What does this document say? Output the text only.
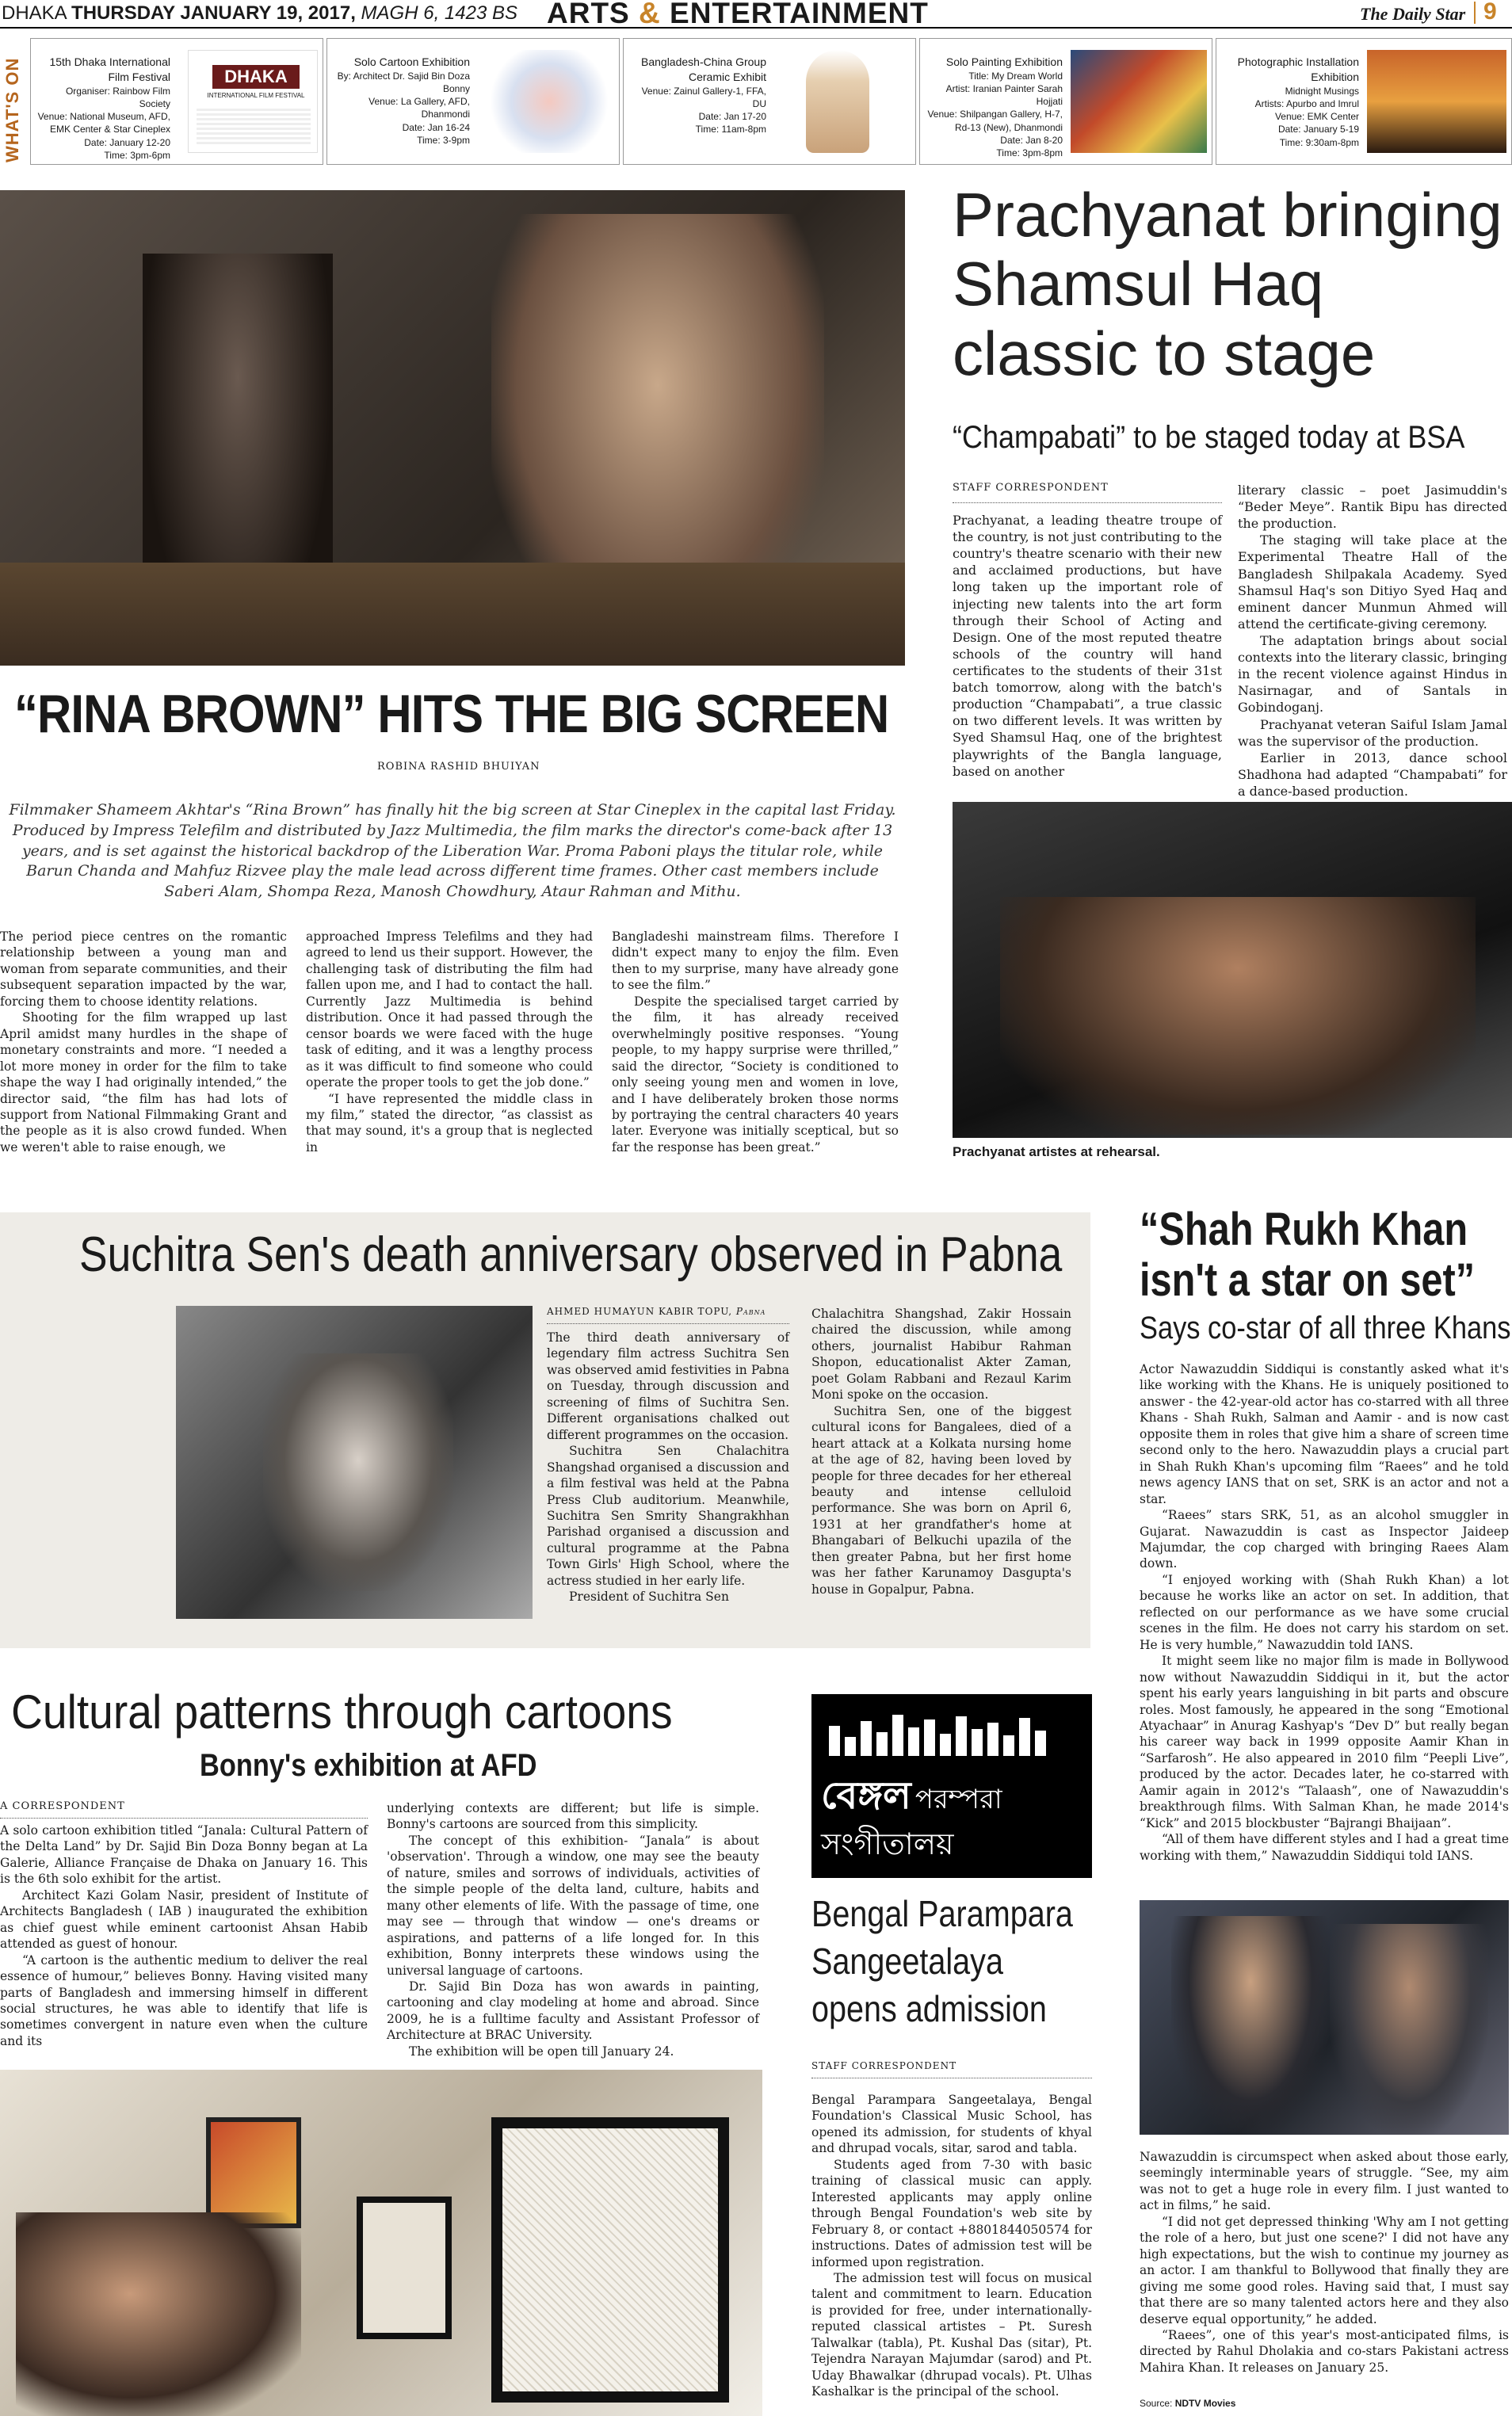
DHAKA THURSDAY JANUARY 19, 2017, MAGH 6, 1423 BS ARTS & ENTERTAINMENT	The Daily Star 9
WHAT'S ON	15th Dhaka International Film Festival
Organiser: Rainbow Film Society
Venue: National Museum, AFD,
EMK Center & Star Cineplex
Date: January 12-20
Time: 3pm-6pm
DHAKA
INTERNATIONAL FILM FESTIVAL
Solo Cartoon Exhibition
By: Architect Dr. Sajid Bin Doza
Bonny
Venue: La Gallery, AFD, Dhanmondi
Date: Jan 16-24
Time: 3-9pm
Bangladesh-China Group Ceramic Exhibit
Venue: Zainul Gallery-1, FFA, DU
Date: Jan 17-20
Time: 11am-8pm
Solo Painting Exhibition
Title: My Dream World
Artist: Iranian Painter Sarah Hojjati
Venue: Shilpangan Gallery, H-7,
Rd-13 (New), Dhanmondi
Date: Jan 8-20
Time: 3pm-8pm
Photographic Installation Exhibition
Midnight Musings
Artists: Apurbo and Imrul
Venue: EMK Center
Date: January 5-19
Time: 9:30am-8pm
“RINA BROWN” HITS THE BIG SCREEN
ROBINA RASHID BHUIYAN
Filmmaker Shameem Akhtar's “Rina Brown” has finally hit the big screen at Star Cineplex in the capital last Friday. Produced by Impress Telefilm and distributed by Jazz Multimedia, the film marks the director's come-back after 13 years, and is set against the historical backdrop of the Liberation War. Proma Paboni plays the titular role, while Barun Chanda and Mahfuz Rizvee play the male lead across different time frames. Other cast members include Saberi Alam, Shompa Reza, Manosh Chowdhury, Ataur Rahman and Mithu.

The period piece centres on the romantic relationship between a young man and woman from separate communities, and their subsequent separation impacted by the war, forcing them to choose identity relations.

Shooting for the film wrapped up last April amidst many hurdles in the shape of monetary constraints and more. “I needed a lot more money in order for the film to take shape the way I had originally intended,” the director said, “the film has had lots of support from National Filmmaking Grant and the people as it is also crowd funded. When we weren't able to raise enough, we

approached Impress Telefilms and they had agreed to lend us their support. However, the challenging task of distributing the film had fallen upon me, and I had to contact the hall. Currently Jazz Multimedia is behind distribution. Once it had passed through the censor boards we were faced with the huge task of editing, and it was a lengthy process as it was difficult to find someone who could operate the proper tools to get the job done.”

“I have represented the middle class in my film,” stated the director, “as classist as that may sound, it's a group that is neglected in

Bangladeshi mainstream films. Therefore I didn't expect many to enjoy the film. Even then to my surprise, many have already gone to see the film.”

Despite the specialised target carried by the film, it has already received overwhelmingly positive responses. “Young people, to my happy surprise were thrilled,” said the director, “Society is conditioned to only seeing young men and women in love, and I have deliberately broken those norms by portraying the central characters 40 years later. Everyone was initially sceptical, but so far the response has been great.”

Prachyanat bringing
Shamsul Haq
classic to stage
“Champabati” to be staged today at BSA
STAFF CORRESPONDENT

Prachyanat, a leading theatre troupe of the country, is not just contributing to the country's theatre scenario with their new and acclaimed productions, but have long taken up the important role of injecting new talents into the art form through their School of Acting and Design. One of the most reputed theatre schools of the country will hand certificates to the students of their 31st batch tomorrow, along with the batch's production “Champabati”, a true classic on two different levels. It was written by Syed Shamsul Haq, one of the brightest playwrights of the Bangla language, based on another

literary classic – poet Jasimuddin's “Beder Meye”. Rantik Bipu has directed the production.

The staging will take place at the Experimental Theatre Hall of the Bangladesh Shilpakala Academy. Syed Shamsul Haq's son Ditiyo Syed Haq and eminent dancer Munmun Ahmed will attend the certificate-giving ceremony.

The adaptation brings about social contexts into the literary classic, bringing in the recent violence against Hindus in Nasirnagar, and of Santals in Gobindoganj.

Prachyanat veteran Saiful Islam Jamal was the supervisor of the production.

Earlier in 2013, dance school Shadhona had adapted “Champabati” for a dance-based production.

Prachyanat artistes at rehearsal.
Suchitra Sen's death anniversary observed in Pabna
AHMED HUMAYUN KABIR TOPU, Pabna

The third death anniversary of legendary film actress Suchitra Sen was observed amid festivities in Pabna on Tuesday, through discussion and screening of films of Suchitra Sen. Different organisations chalked out different programmes on the occasion.

Suchitra Sen Chalachitra Shangshad organised a discussion and a film festival was held at the Pabna Press Club auditorium. Meanwhile, Suchitra Sen Smrity Shangrakhhan Parishad organised a discussion and cultural programme at the Pabna Town Girls' High School, where the actress studied in her early life.

President of Suchitra Sen

Chalachitra Shangshad, Zakir Hossain chaired the discussion, while among others, journalist Habibur Rahman Shopon, educationalist Akter Zaman, poet Golam Rabbani and Rezaul Karim Moni spoke on the occasion.

Suchitra Sen, one of the biggest cultural icons for Bangalees, died of a heart attack at a Kolkata nursing home at the age of 82, having been loved by people for three decades for her ethereal beauty and intense celluloid performance. She was born on April 6, 1931 at her grandfather's home at Bhangabari of Belkuchi upazila of the then greater Pabna, but her first home was her father Karunamoy Dasgupta's house in Gopalpur, Pabna.

“Shah Rukh Khan
isn't a star on set”
Says co-star of all three Khans

Actor Nawazuddin Siddiqui is constantly asked what it's like working with the Khans. He is uniquely positioned to answer - the 42-year-old actor has co-starred with all three Khans - Shah Rukh, Salman and Aamir - and is now cast opposite them in roles that give him a share of screen time second only to the hero. Nawazuddin plays a crucial part in Shah Rukh Khan's upcoming film “Raees” and he told news agency IANS that on set, SRK is an actor and not a star.

“Raees” stars SRK, 51, as an alcohol smuggler in Gujarat. Nawazuddin is cast as Inspector Jaideep Majumdar, the cop charged with bringing Raees Alam down.

“I enjoyed working with (Shah Rukh Khan) a lot because he works like an actor on set. In addition, that reflected on our performance as we have some crucial scenes in the film. He does not carry his stardom on set. He is very humble,” Nawazuddin told IANS.

It might seem like no major film is made in Bollywood now without Nawazuddin Siddiqui in it, but the actor spent his early years languishing in bit parts and obscure roles. Most famously, he appeared in the song “Emotional Atyachaar” in Anurag Kashyap's “Dev D” but really began his career way back in 1999 opposite Aamir Khan in “Sarfarosh”. He also appeared in 2010 film “Peepli Live”, produced by the actor. Decades later, he co-starred with Aamir again in 2012's “Talaash”, one of Nawazuddin's breakthrough films. With Salman Khan, he made 2014's “Kick” and 2015 blockbuster “Bajrangi Bhaijaan”.

“All of them have different styles and I had a great time working with them,” Nawazuddin Siddiqui told IANS.

Nawazuddin is circumspect when asked about those early, seemingly interminable years of struggle. “See, my aim was not to get a huge role in every film. I just wanted to act in films,” he said.

“I did not get depressed thinking 'Why am I not getting the role of a hero, but just one scene?' I did not have any high expectations, but the wish to continue my journey as an actor. I am thankful to Bollywood that finally they are giving me some good roles. Having said that, I must say that there are so many talented actors here and they also deserve equal opportunity,” he added.

“Raees”, one of this year's most-anticipated films, is directed by Rahul Dholakia and co-stars Pakistani actress Mahira Khan. It releases on January 25.

Source: NDTV Movies
Cultural patterns through cartoons
Bonny's exhibition at AFD
A CORRESPONDENT

A solo cartoon exhibition titled “Janala: Cultural Pattern of the Delta Land” by Dr. Sajid Bin Doza Bonny began at La Galerie, Alliance Française de Dhaka on January 16. This is the 6th solo exhibit for the artist.

Architect Kazi Golam Nasir, president of Institute of Architects Bangladesh ( IAB ) inaugurated the exhibition as chief guest while eminent cartoonist Ahsan Habib attended as guest of honour.

“A cartoon is the authentic medium to deliver the real essence of humour,” believes Bonny. Having visited many parts of Bangladesh and immersing himself in different social structures, he was able to identify that life is sometimes convergent in nature even when the culture and its

underlying contexts are different; but life is simple. Bonny's cartoons are sourced from this simplicity.

The concept of this exhibition- “Janala” is about 'observation'. Through a window, one may see the beauty of nature, smiles and sorrows of individuals, activities of the simple people of the delta land, culture, habits and many other elements of life. With the passage of time, one may see — through that window — one's dreams or aspirations, and patterns of a life longed for. In this exhibition, Bonny interprets these windows using the universal language of cartoons.

Dr. Sajid Bin Doza has won awards in painting, cartooning and clay modeling at home and abroad. Since 2009, he is a fulltime faculty and Assistant Professor of Architecture at BRAC University.

The exhibition will be open till January 24.

বেঙ্গল পরম্পরা
সংগীতালয়
Bengal Parampara
Sangeetalaya
opens admission
STAFF CORRESPONDENT

Bengal Parampara Sangeetalaya, Bengal Foundation's Classical Music School, has opened its admission, for students of khyal and dhrupad vocals, sitar, sarod and tabla.

Students aged from 7-30 with basic training of classical music can apply. Interested applicants may apply online through Bengal Foundation's web site by February 8, or contact +8801844050574 for instructions. Dates of admission test will be informed upon registration.

The admission test will focus on musical talent and commitment to learn. Education is provided for free, under internationally-reputed classical artistes – Pt. Suresh Talwalkar (tabla), Pt. Kushal Das (sitar), Pt. Tejendra Narayan Majumdar (sarod) and Pt. Uday Bhawalkar (dhrupad vocals). Pt. Ulhas Kashalkar is the principal of the school.
